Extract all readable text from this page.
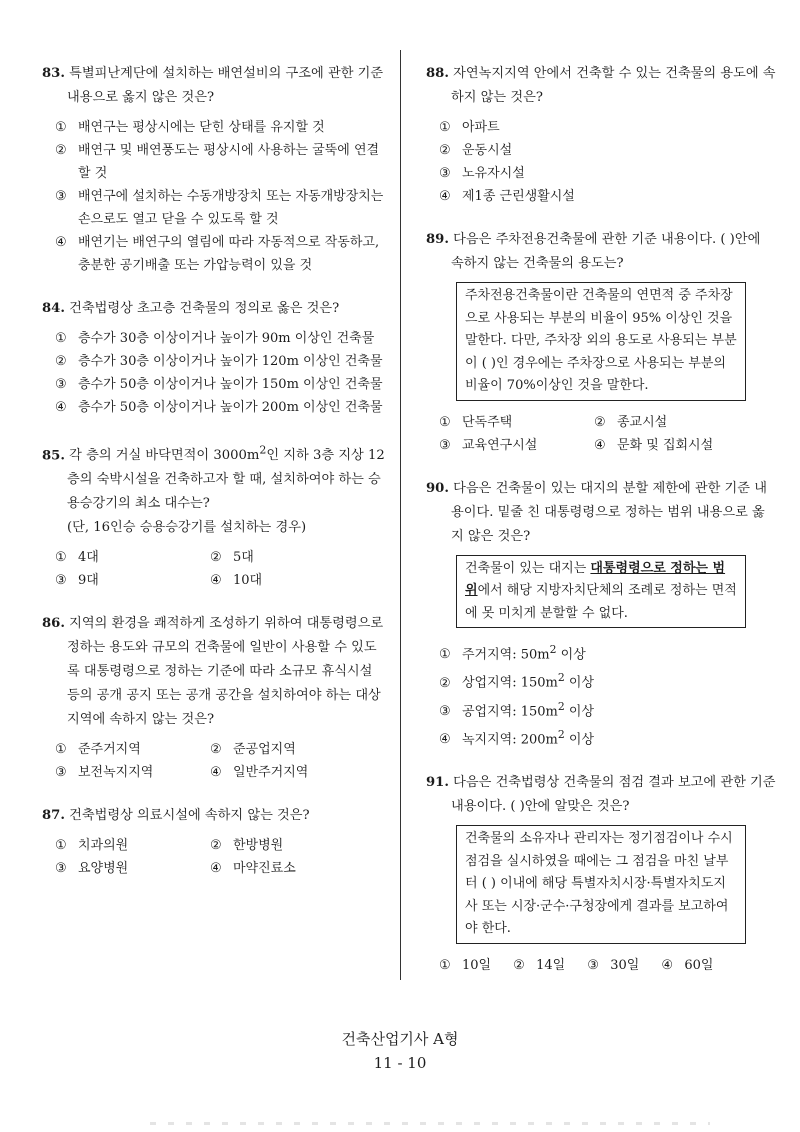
83. 특별피난계단에 설치하는 배연설비의 구조에 관한 기준 내용으로 옳지 않은 것은?
① 배연구는 평상시에는 닫힌 상태를 유지할 것
② 배연구 및 배연풍도는 평상시에 사용하는 굴뚝에 연결할 것
③ 배연구에 설치하는 수동개방장치 또는 자동개방장치는 손으로도 열고 닫을 수 있도록 할 것
④ 배연기는 배연구의 열림에 따라 자동적으로 작동하고, 충분한 공기배출 또는 가압능력이 있을 것
84. 건축법령상 초고층 건축물의 정의로 옳은 것은?
① 층수가 30층 이상이거나 높이가 90m 이상인 건축물
② 층수가 30층 이상이거나 높이가 120m 이상인 건축물
③ 층수가 50층 이상이거나 높이가 150m 이상인 건축물
④ 층수가 50층 이상이거나 높이가 200m 이상인 건축물
85. 각 층의 거실 바닥면적이 $3000m^2$인 지하 3층 지상 12층의 숙박시설을 건축하고자 할 때, 설치하여야 하는 승용승강기의 최소 대수는?
(단, 16인승 승용승강기를 설치하는 경우)
① 4대	② 5대
③ 9대	④ 10대
86. 지역의 환경을 쾌적하게 조성하기 위하여 대통령령으로 정하는 용도와 규모의 건축물에 일반이 사용할 수 있도록 대통령령으로 정하는 기준에 따라 소규모 휴식시설 등의 공개 공지 또는 공개 공간을 설치하여야 하는 대상 지역에 속하지 않는 것은?
① 준주거지역	② 준공업지역
③ 보전녹지지역	④ 일반주거지역
87. 건축법령상 의료시설에 속하지 않는 것은?
① 치과의원	② 한방병원
③ 요양병원	④ 마약진료소
88. 자연녹지지역 안에서 건축할 수 있는 건축물의 용도에 속하지 않는 것은?
① 아파트
② 운동시설
③ 노유자시설
④ 제1종 근린생활시설
89. 다음은 주차전용건축물에 관한 기준 내용이다. ( )안에 속하지 않는 건축물의 용도는?
주차전용건축물이란 건축물의 연면적 중 주차장으로 사용되는 부분의 비율이 95% 이상인 것을 말한다. 다만, 주차장 외의 용도로 사용되는 부분이 ( )인 경우에는 주차장으로 사용되는 부분의 비율이 70%이상인 것을 말한다.
① 단독주택	② 종교시설
③ 교육연구시설	④ 문화 및 집회시설
90. 다음은 건축물이 있는 대지의 분할 제한에 관한 기준 내용이다. 밑줄 친 대통령령으로 정하는 범위 내용으로 옳지 않은 것은?
건축물이 있는 대지는 대통령령으로 정하는 범위에서 해당 지방자치단체의 조례로 정하는 면적에 못 미치게 분할할 수 없다.
① 주거지역: $50m^2$ 이상
② 상업지역: $150m^2$ 이상
③ 공업지역: $150m^2$ 이상
④ 녹지지역: $200m^2$ 이상
91. 다음은 건축법령상 건축물의 점검 결과 보고에 관한 기준 내용이다. ( )안에 알맞은 것은?
건축물의 소유자나 관리자는 정기점검이나 수시점검을 실시하였을 때에는 그 점검을 마친 날부터 ( ) 이내에 해당 특별자치시장·특별자치도지사 또는 시장·군수·구청장에게 결과를 보고하여야 한다.
① 10일 ② 14일 ③ 30일 ④ 60일
건축산업기사 A형
11 - 10
